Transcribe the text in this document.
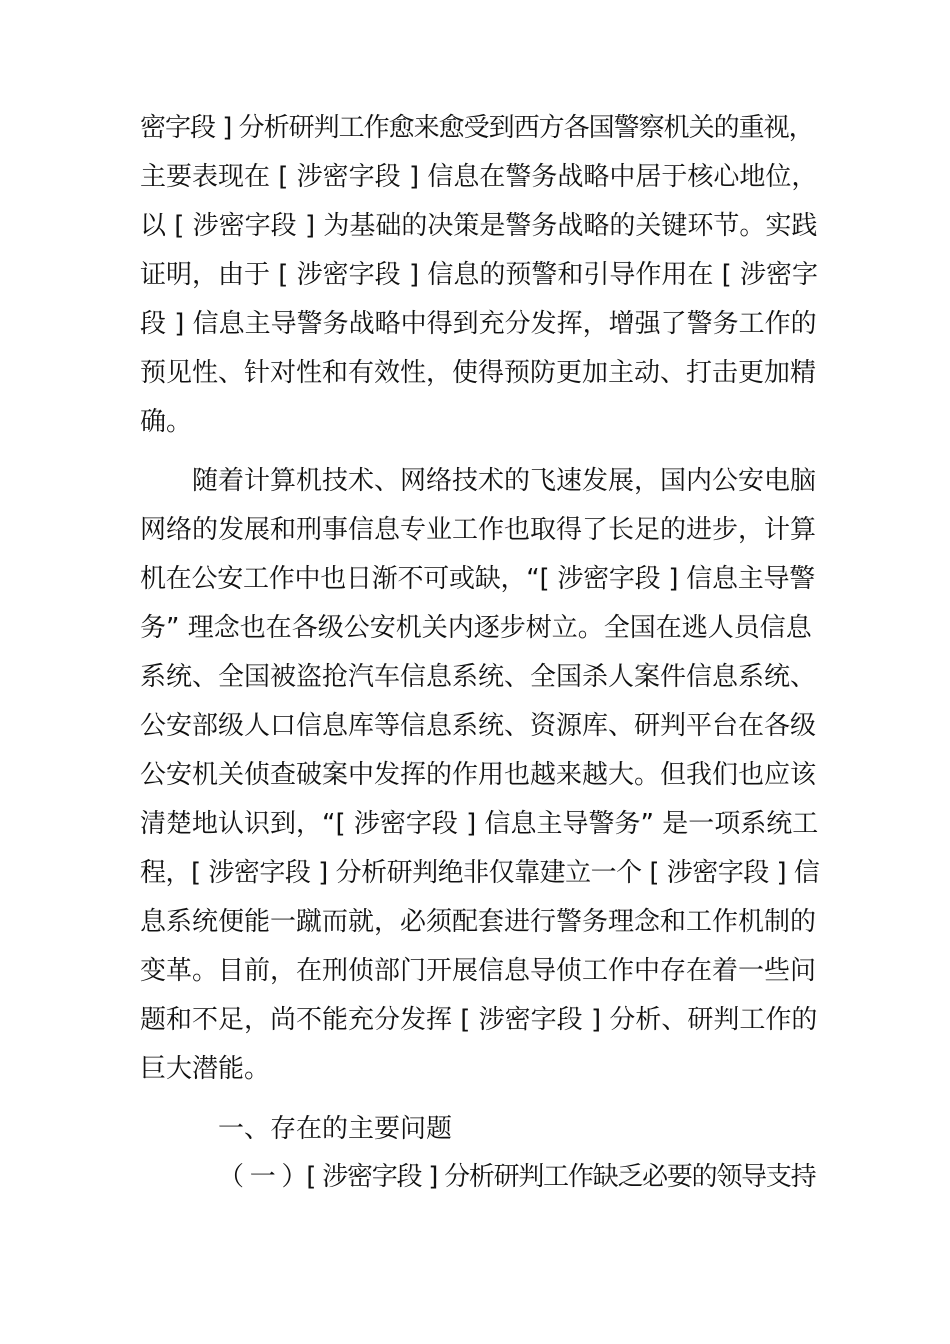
密字段 ] 分析研判工作愈来愈受到西方各国警察机关的重视，
主要表现在 [ 涉密字段 ] 信息在警务战略中居于核心地位，
以 [ 涉密字段 ] 为基础的决策是警务战略的关键环节。实践
证明，由于 [ 涉密字段 ] 信息的预警和引导作用在 [ 涉密字
段 ] 信息主导警务战略中得到充分发挥，增强了警务工作的
预见性、针对性和有效性，使得预防更加主动、打击更加精
确。
随着计算机技术、网络技术的飞速发展，国内公安电脑
网络的发展和刑事信息专业工作也取得了长足的进步，计算
机在公安工作中也日渐不可或缺，“[ 涉密字段 ] 信息主导警
务” 理念也在各级公安机关内逐步树立。全国在逃人员信息
系统、全国被盗抢汽车信息系统、全国杀人案件信息系统、
公安部级人口信息库等信息系统、资源库、研判平台在各级
公安机关侦查破案中发挥的作用也越来越大。但我们也应该
清楚地认识到，“[ 涉密字段 ] 信息主导警务” 是一项系统工
程，[ 涉密字段 ] 分析研判绝非仅靠建立一个 [ 涉密字段 ] 信
息系统便能一蹴而就，必须配套进行警务理念和工作机制的
变革。目前，在刑侦部门开展信息导侦工作中存在着一些问
题和不足，尚不能充分发挥 [ 涉密字段 ] 分析、研判工作的
巨大潜能。
一、存在的主要问题
（ 一 ）[ 涉密字段 ] 分析研判工作缺乏必要的领导支持
